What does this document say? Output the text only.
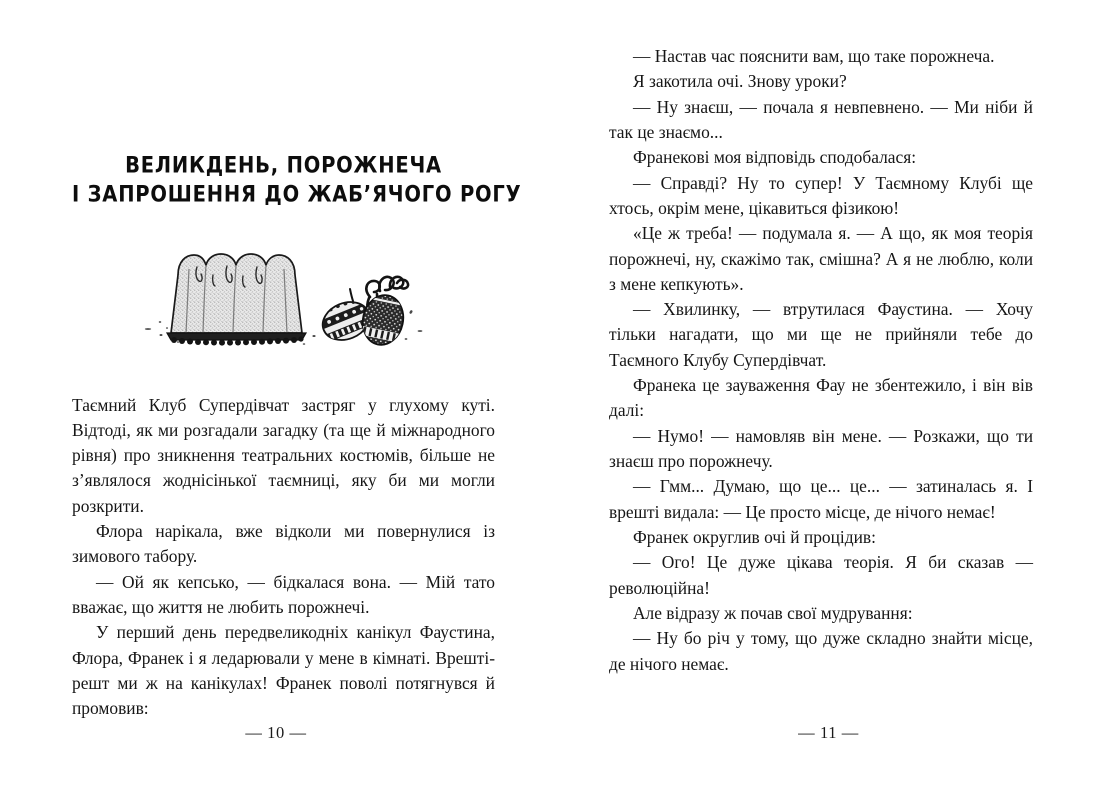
ВЕЛИКДЕНЬ, ПОРОЖНЕЧА
І ЗАПРОШЕННЯ ДО ЖАБ’ЯЧОГО РОГУ

Таємний Клуб Супердівчат застряг у глухому куті. Відтоді, як ми розгадали загадку (та ще й міжнародного рівня) про зникнення театральних костюмів, більше не з’являлося жоднісінької таємниці, яку би ми могли розкрити.

Флора нарікала, вже відколи ми повернулися із зимового табору.

— Ой як кепсько, — бідкалася вона. — Мій тато вважає, що життя не любить порожнечі.

У перший день передвеликодніх канікул Фаустина, Флора, Франек і я ледарювали у мене в кімнаті. Врешті-решт ми ж на канікулах! Франек поволі потягнувся й промовив:

— 10 —

— Настав час пояснити вам, що таке порожнеча.

Я закотила очі. Знову уроки?

— Ну знаєш, — почала я невпевнено. — Ми ніби й так це знаємо...

Франекові моя відповідь сподобалася:

— Справді? Ну то супер! У Таємному Клубі ще хтось, окрім мене, цікавиться фізикою!

«Це ж треба! — подумала я. — А що, як моя теорія порожнечі, ну, скажімо так, смішна? А я не люблю, коли з мене кепкують».

— Хвилинку, — втрутилася Фаустина. — Хочу тільки нагадати, що ми ще не прийняли тебе до Таємного Клубу Супердівчат.

Франека це зауваження Фау не збентежило, і він вів далі:

— Нумо! — намовляв він мене. — Розкажи, що ти знаєш про порожнечу.

— Гмм... Думаю, що це... це... — затиналась я. І врешті видала: — Це просто місце, де нічого немає!

Франек округлив очі й процідив:

— Ого! Це дуже цікава теорія. Я би сказав — революційна!

Але відразу ж почав свої мудрування:

— Ну бо річ у тому, що дуже складно знайти місце, де нічого немає.

— 11 —
